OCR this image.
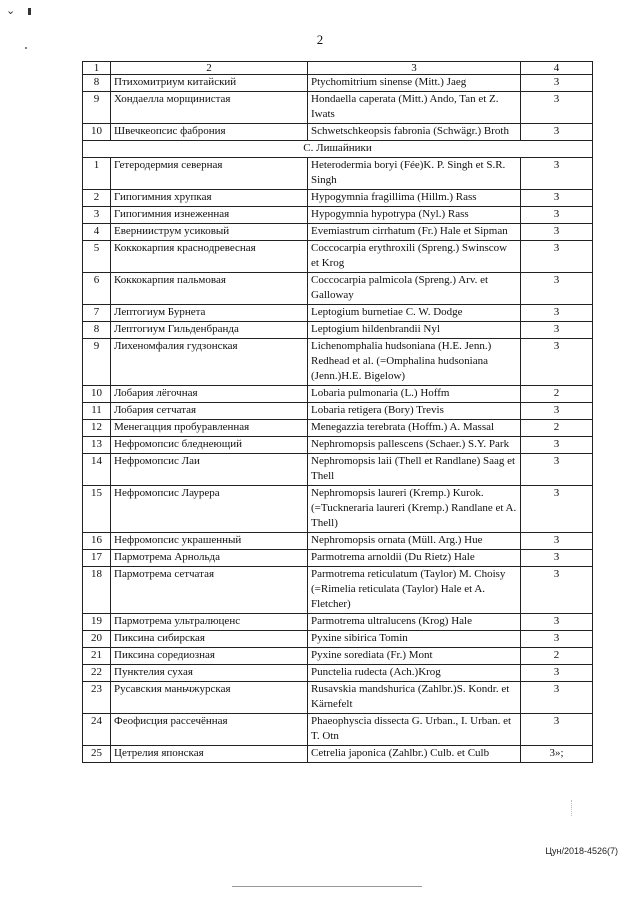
⌄
2
1	2	3	4
8	Птихомитриум китайский	Ptychomitrium sinense (Mitt.) Jaeg	3
9	Хондаелла морщинистая	Hondaella caperata (Mitt.) Ando, Tan et Z. Iwats	3
10	Швечкеопсис фаброния	Schwetschkeopsis fabronia (Schwägr.) Broth	3
С. Лишайники			
1	Гетеродермия северная	Heterodermia boryi (Fée)K. P. Singh et S.R. Singh	3
2	Гипогимния хрупкая	Hypogymnia fragillima (Hillm.) Rass	3
3	Гипогимния изнеженная	Hypogymnia hypotrypa (Nyl.) Rass	3
4	Евернииструм усиковый	Evemiastrum cirrhatum (Fr.) Hale et Sipman	3
5	Коккокарпия краснодревесная	Coccocarpia erythroxili (Spreng.) Swinscow et Krog	3
6	Коккокарпия пальмовая	Coccocarpia palmicola (Spreng.) Arv. et Galloway	3
7	Лептогиум Бурнета	Leptogium burnetiae C. W. Dodge	3
8	Лептогиум Гильденбранда	Leptogium hildenbrandii Nyl	3
9	Лихеномфалия гудзонская	Lichenomphalia hudsoniana (H.E. Jenn.) Redhead et al. (=Omphalina hudsoniana (Jenn.)H.E. Bigelow)	3
10	Лобария лёгочная	Lobaria pulmonaria (L.) Hoffm	2
11	Лобария сетчатая	Lobaria retigera (Bory) Trevis	3
12	Менегацция пробуравленная	Menegazzia terebrata (Hoffm.) A. Massal	2
13	Нефромопсис бледнеющий	Nephromopsis pallescens (Schaer.) S.Y. Park	3
14	Нефромопсис Лаи	Nephromopsis laii (Thell et Randlane) Saag et Thell	3
15	Нефромопсис Лаурера	Nephromopsis laureri (Kremp.) Kurok. (=Tuckneraria laureri (Kremp.) Randlane et A. Thell)	3
16	Нефромопсис украшенный	Nephromopsis ornata (Müll. Arg.) Hue	3
17	Пармотрема Арнольда	Parmotrema arnoldii (Du Rietz) Hale	3
18	Пармотрема сетчатая	Parmotrema reticulatum (Taylor) M. Choisy (=Rimelia reticulata (Taylor) Hale et A. Fletcher)	3
19	Пармотрема ультралюценс	Parmotrema ultralucens (Krog) Hale	3
20	Пиксина сибирская	Pyxine sibirica Tomin	3
21	Пиксина соредиозная	Pyxine sorediata (Fr.) Mont	2
22	Пунктелия сухая	Punctelia rudecta (Ach.)Krog	3
23	Русавския маньчжурская	Rusavskia mandshurica (Zahlbr.)S. Kondr. et Kärnefelt	3
24	Феофисция рассечённая	Phaeophyscia dissecta G. Urban., I. Urban. et T. Otn	3
25	Цетрелия японская	Cetrelia japonica (Zahlbr.) Culb. et Culb	3»;
Цун/2018-4526(7)
